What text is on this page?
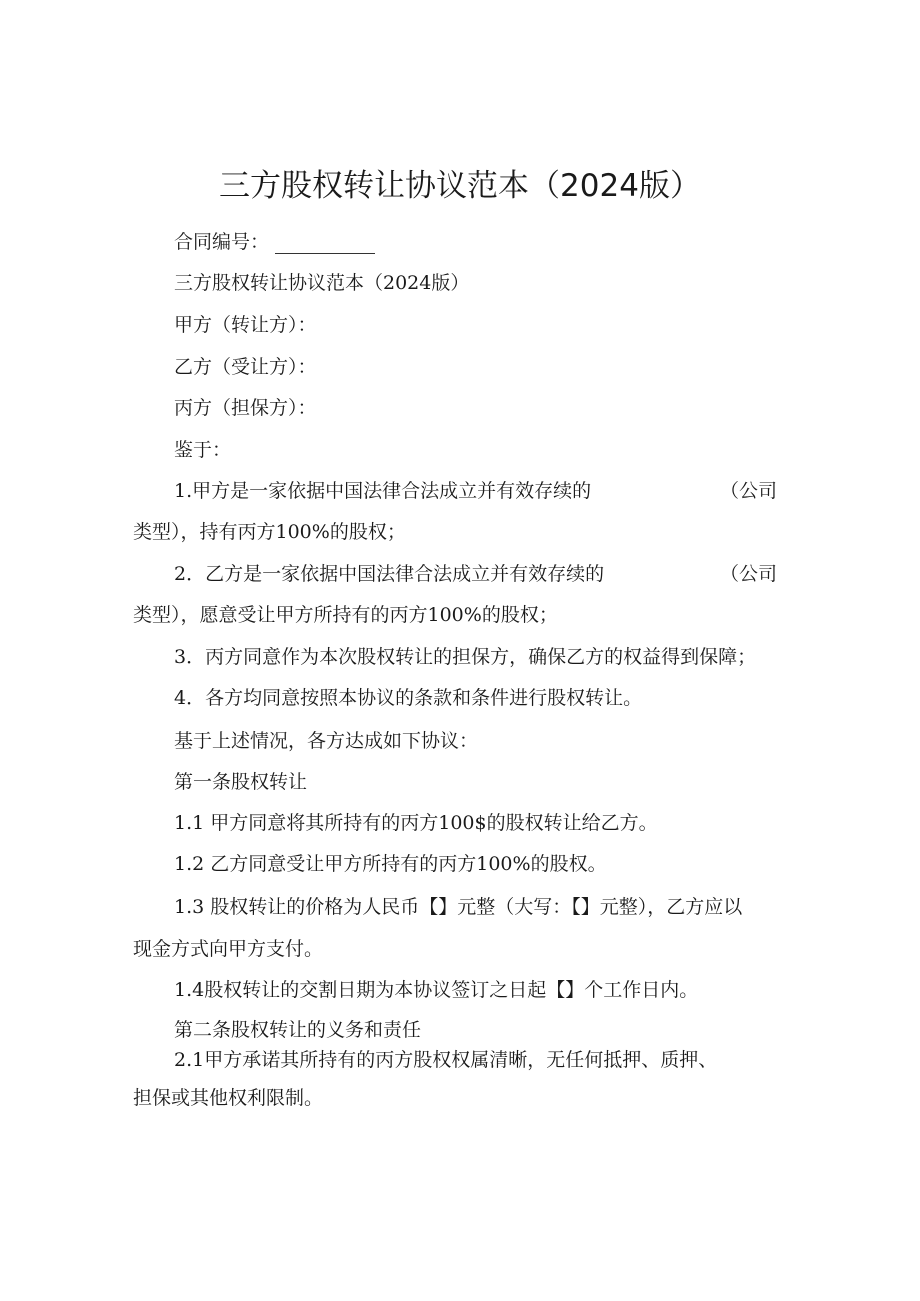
三方股权转让协议范本（2024版）
合同编号：
三方股权转让协议范本（2024版）
甲方（转让方）：
乙方（受让方）：
丙方（担保方）：
鉴于：
1.甲方是一家依据中国法律合法成立并有效存续的	（公司
类型），持有丙方100%的股权；
2．乙方是一家依据中国法律合法成立并有效存续的	（公司
类型），愿意受让甲方所持有的丙方100%的股权；
3．丙方同意作为本次股权转让的担保方，确保乙方的权益得到保障；
4．各方均同意按照本协议的条款和条件进行股权转让。
基于上述情况，各方达成如下协议：
第一条股权转让
1.1 甲方同意将其所持有的丙方100$的股权转让给乙方。
1.2 乙方同意受让甲方所持有的丙方100%的股权。
1.3 股权转让的价格为人民币【】元整（大写：【】元整），乙方应以
现金方式向甲方支付。
1.4股权转让的交割日期为本协议签订之日起【】个工作日内。
第二条股权转让的义务和责任
2.1甲方承诺其所持有的丙方股权权属清晰，无任何抵押、质押、
担保或其他权利限制。
